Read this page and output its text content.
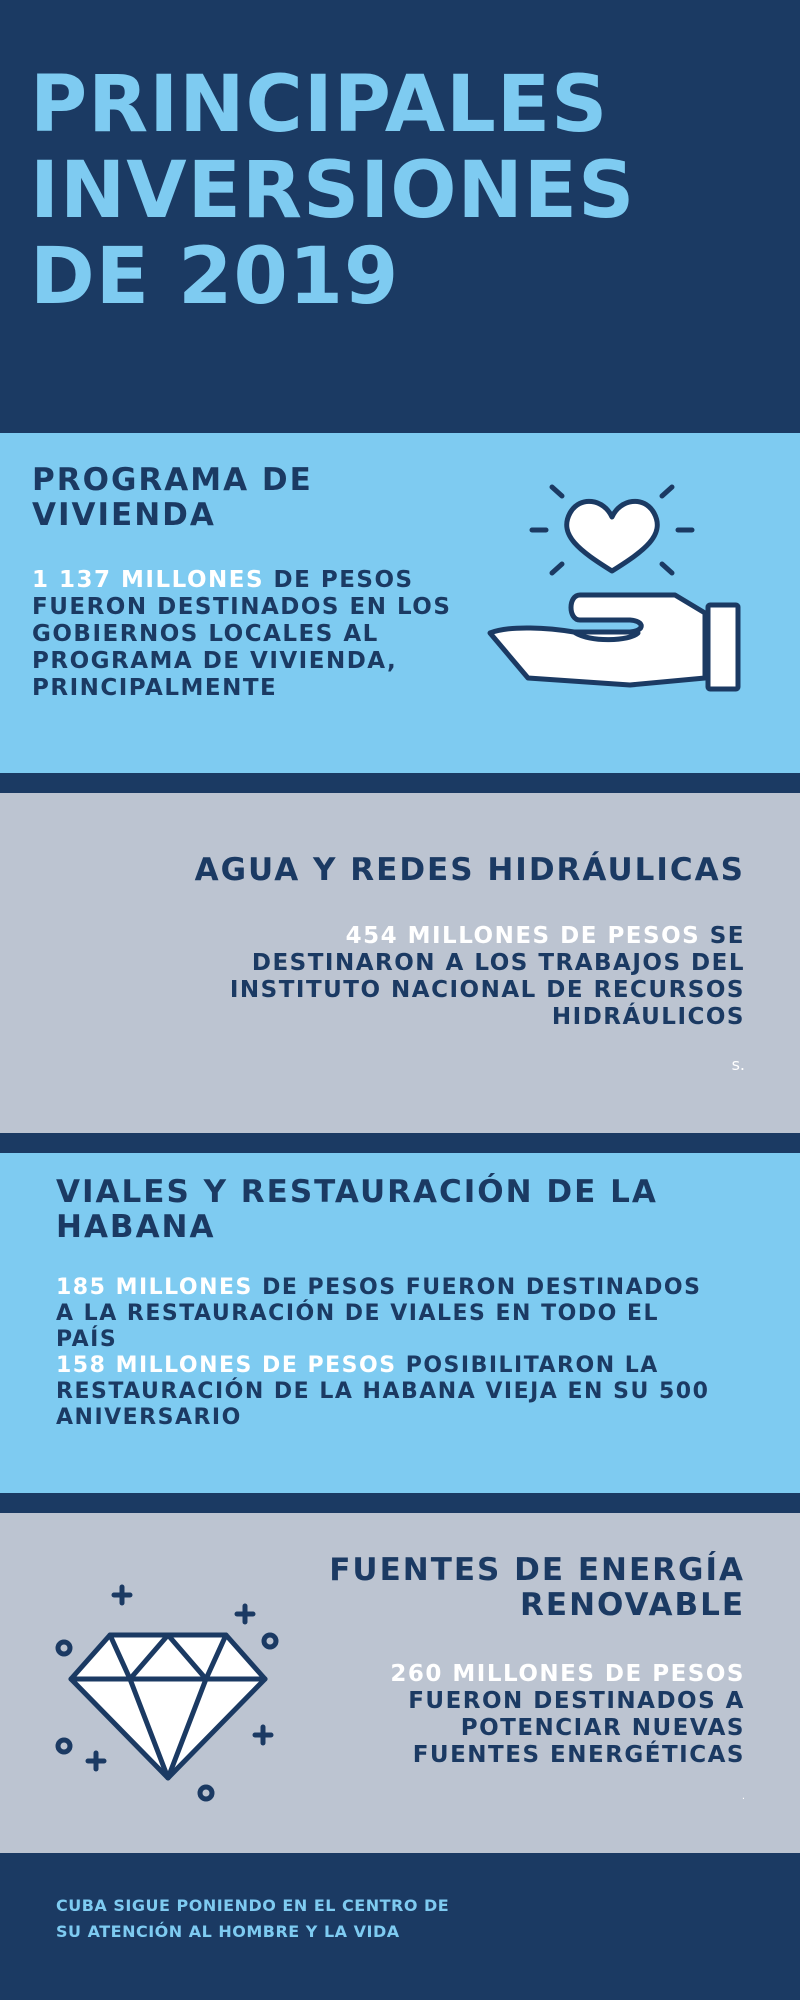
PRINCIPALES INVERSIONES DE 2019
PROGRAMA DE VIVIENDA
1 137 MILLONES DE PESOS FUERON DESTINADOS EN LOS GOBIERNOS LOCALES AL PROGRAMA DE VIVIENDA, PRINCIPALMENTE
AGUA Y REDES HIDRÁULICAS
454 MILLONES DE PESOS SE DESTINARON A LOS TRABAJOS DEL INSTITUTO NACIONAL DE RECURSOS HIDRÁULICOS
s.
VIALES Y RESTAURACIÓN DE LA HABANA
185 MILLONES DE PESOS FUERON DESTINADOS A LA RESTAURACIÓN DE VIALES EN TODO EL PAÍS
158 MILLONES DE PESOS POSIBILITARON LA RESTAURACIÓN DE LA HABANA VIEJA EN SU 500 ANIVERSARIO
FUENTES DE ENERGÍA RENOVABLE
260 MILLONES DE PESOS FUERON DESTINADOS A POTENCIAR NUEVAS FUENTES ENERGÉTICAS
.

CUBA SIGUE PONIENDO EN EL CENTRO DE SU ATENCIÓN AL HOMBRE Y LA VIDA
